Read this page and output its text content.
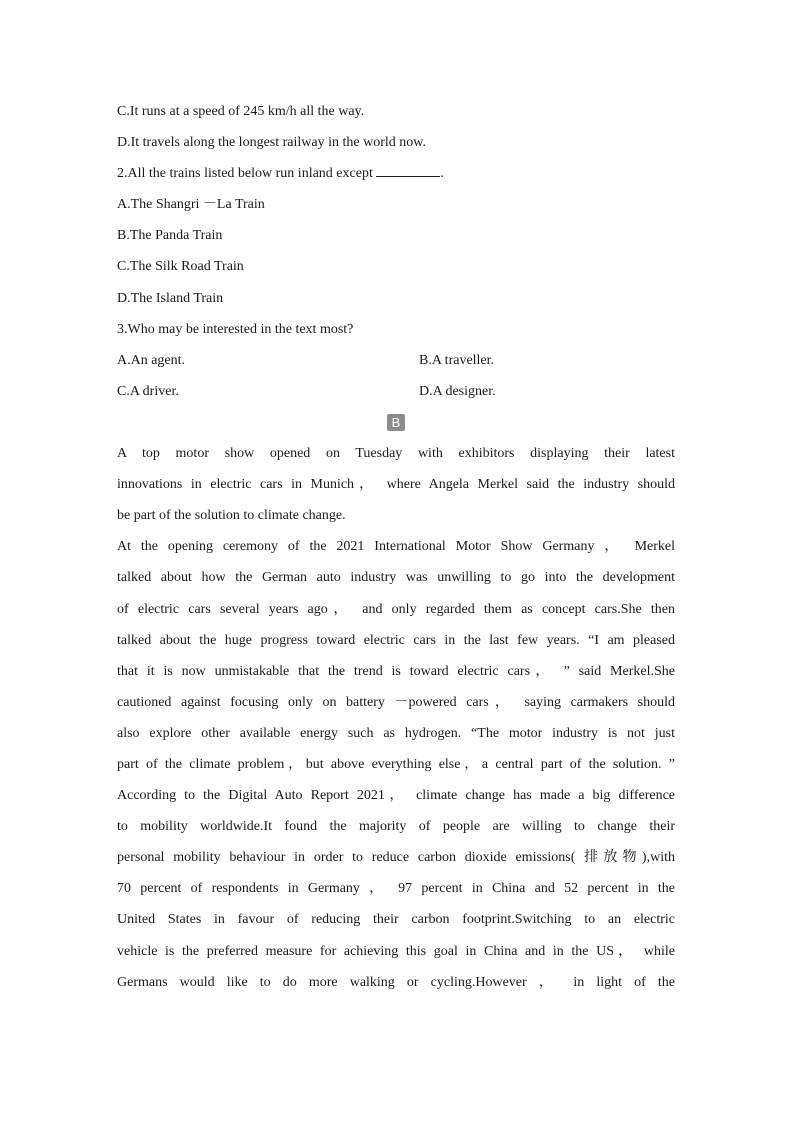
C.It runs at a speed of 245 km/h all the way.
D.It travels along the longest railway in the world now.
2.All the trains listed below run inland except	.
A.The Shangri －La Train
B.The Panda Train
C.The Silk Road Train
D.The Island Train
3.Who may be interested in the text most?
A.An agent.	B.A traveller.
C.A driver.	D.A designer.
B
A top motor show opened on Tuesday with exhibitors displaying their latest
innovations in electric cars in Munich， where Angela Merkel said the industry should
be part of the solution to climate change.
At the opening ceremony of the 2021 International Motor Show Germany ， Merkel
talked about how the German auto industry was unwilling to go into the development
of electric cars several years ago， and only regarded them as concept cars.She then
talked about the huge progress toward electric cars in the last few years. “I am pleased
that it is now unmistakable that the trend is toward electric cars， ” said Merkel.She
cautioned against focusing only on battery －powered cars， saying carmakers should
also explore other available energy such as hydrogen. “The motor industry is not just
part of the climate problem，but above everything else，a central part of the solution. ”
According to the Digital Auto Report 2021， climate change has made a big difference
to mobility worldwide.It found the majority of people are willing to change their
personal mobility behaviour in order to reduce carbon dioxide emissions( 排放物),with
70 percent of respondents in Germany ， 97 percent in China and 52 percent in the
United States in favour of reducing their carbon footprint.Switching to an electric
vehicle is the preferred measure for achieving this goal in China and in the US， while
Germans would like to do more walking or cycling.However ， in light of the
